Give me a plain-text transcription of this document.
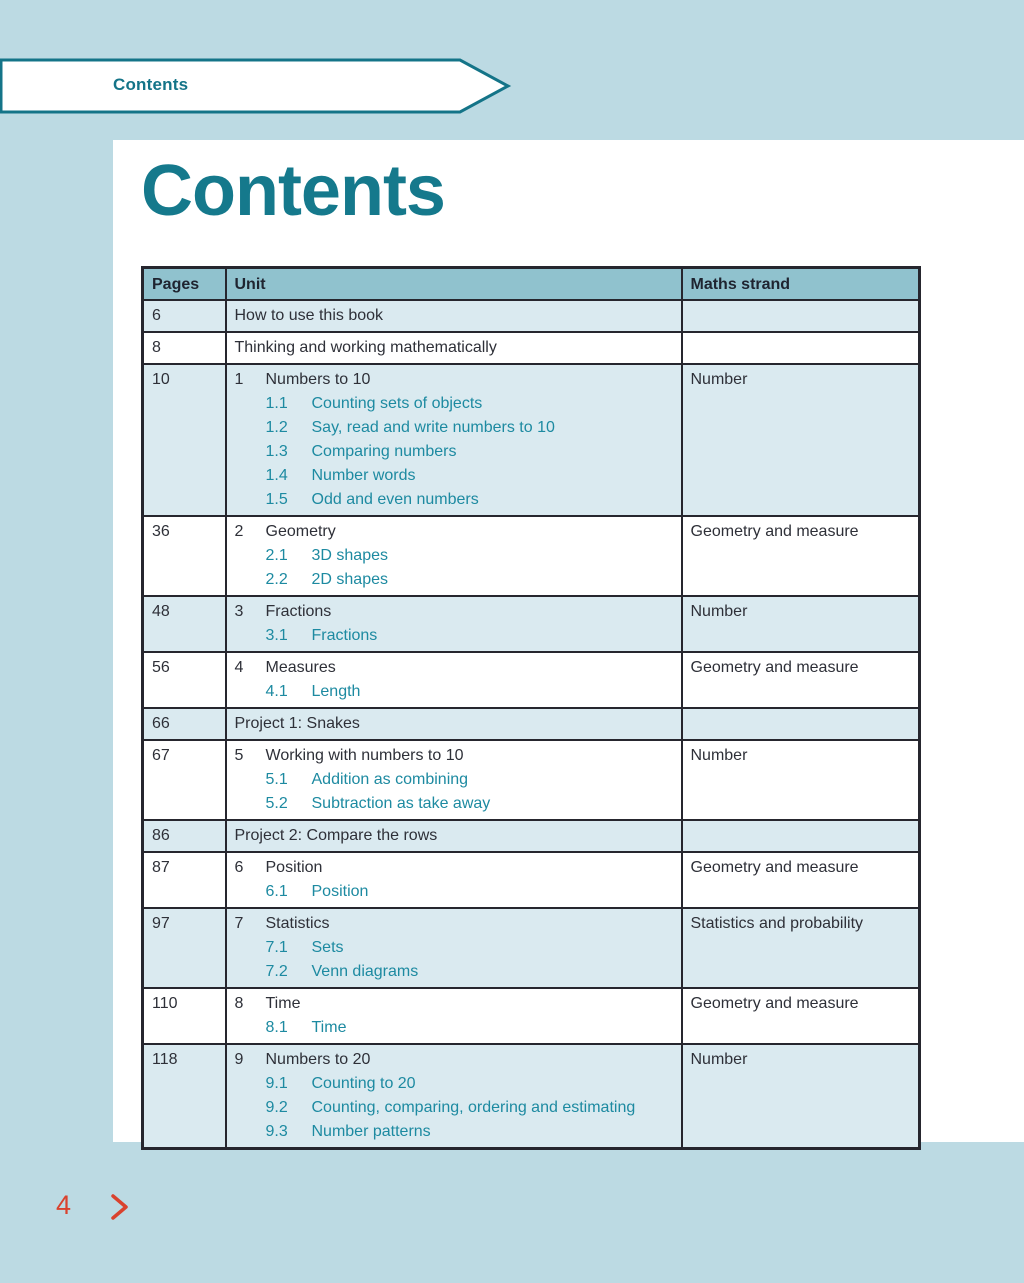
Contents
Contents
Pages	Unit	Maths strand
6	How to use this book	
8	Thinking and working mathematically	
10	1 Numbers to 10
1.1 Counting sets of objects
1.2 Say, read and write numbers to 10
1.3 Comparing numbers
1.4 Number words
1.5 Odd and even numbers
	Number
36	2 Geometry
2.1 3D shapes
2.2 2D shapes	Geometry and measure
48	3 Fractions
3.1 Fractions	Number
56	4 Measures
4.1 Length	Geometry and measure
66	Project 1: Snakes	
67	5 Working with numbers to 10
5.1 Addition as combining
5.2 Subtraction as take away	Number
86	Project 2: Compare the rows	
87	6 Position
6.1 Position	Geometry and measure
97	7 Statistics
7.1 Sets
7.2 Venn diagrams	Statistics and probability
110	8 Time
8.1 Time	Geometry and measure
118	9 Numbers to 20
9.1 Counting to 20
9.2 Counting, comparing, ordering and estimating
9.3 Number patterns	Number
4
